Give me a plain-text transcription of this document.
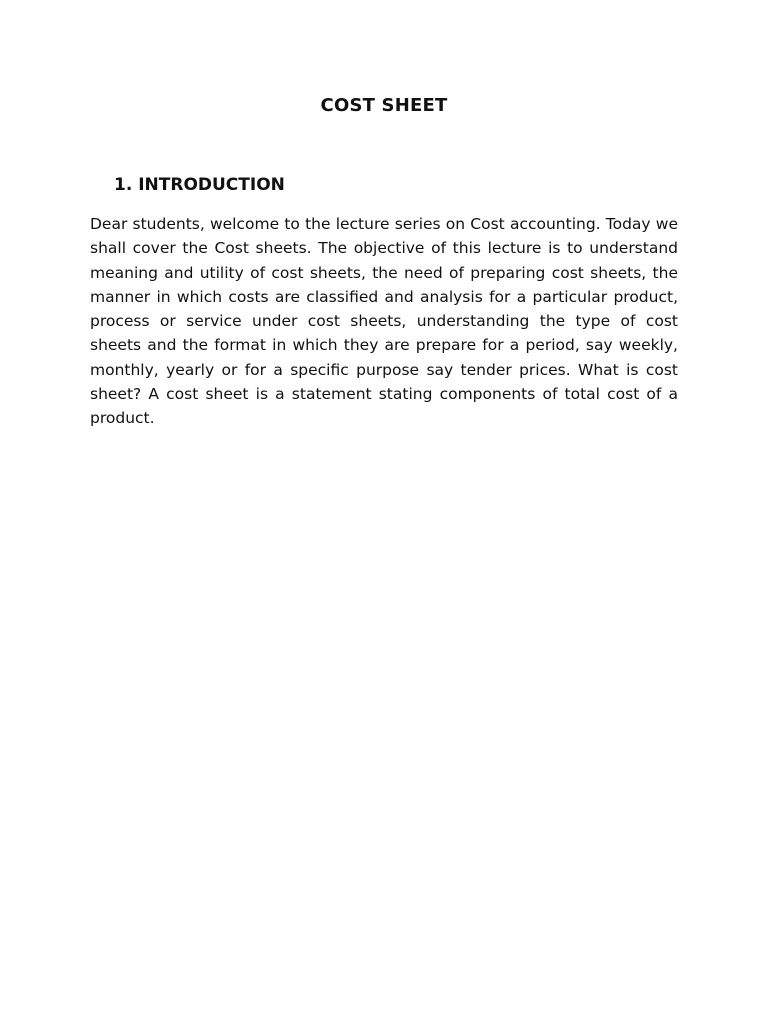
COST SHEET
1. INTRODUCTION

Dear students, welcome to the lecture series on Cost accounting. Today we shall cover the Cost sheets. The objective of this lecture is to understand meaning and utility of cost sheets, the need of preparing cost sheets, the manner in which costs are classified and analysis for a particular product, process or service under cost sheets, understanding the type of cost sheets and the format in which they are prepare for a period, say weekly, monthly, yearly or for a specific purpose say tender prices. What is cost sheet? A cost sheet is a statement stating components of total cost of a product.
